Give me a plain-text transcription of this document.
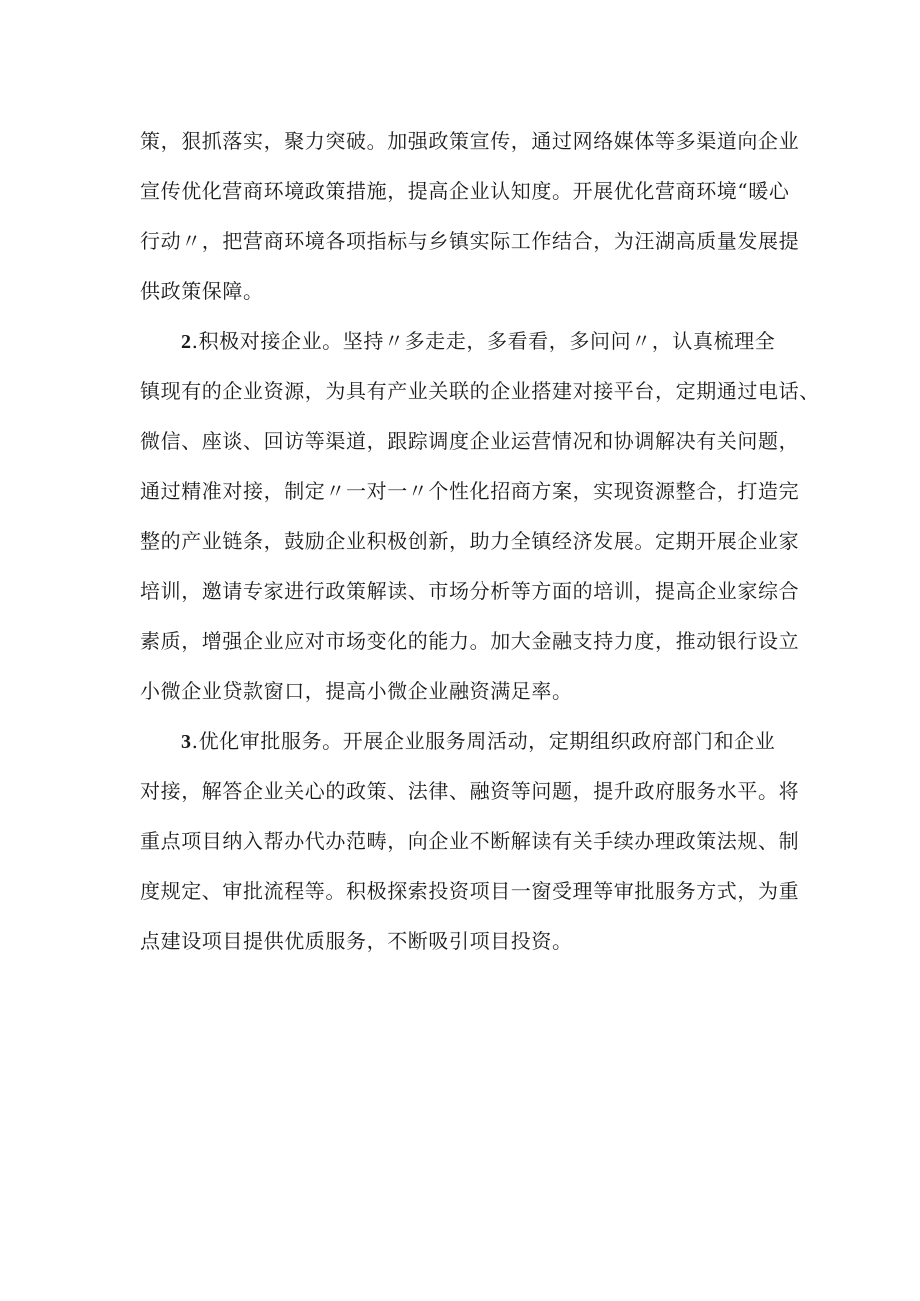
策，狠抓落实，聚力突破。加强政策宣传，通过网络媒体等多渠道向企业
宣传优化营商环境政策措施，提高企业认知度。开展优化营商环境“暖心
行动〃，把营商环境各项指标与乡镇实际工作结合，为汪湖高质量发展提
供政策保障。
2.积极对接企业。坚持〃多走走，多看看，多问问〃，认真梳理全
镇现有的企业资源，为具有产业关联的企业搭建对接平台，定期通过电话、
微信、座谈、回访等渠道，跟踪调度企业运营情况和协调解决有关问题，
通过精准对接，制定〃一对一〃个性化招商方案，实现资源整合，打造完
整的产业链条，鼓励企业积极创新，助力全镇经济发展。定期开展企业家
培训，邀请专家进行政策解读、市场分析等方面的培训，提高企业家综合
素质，增强企业应对市场变化的能力。加大金融支持力度，推动银行设立
小微企业贷款窗口，提高小微企业融资满足率。
3.优化审批服务。开展企业服务周活动，定期组织政府部门和企业
对接，解答企业关心的政策、法律、融资等问题，提升政府服务水平。将
重点项目纳入帮办代办范畴，向企业不断解读有关手续办理政策法规、制
度规定、审批流程等。积极探索投资项目一窗受理等审批服务方式，为重
点建设项目提供优质服务，不断吸引项目投资。
